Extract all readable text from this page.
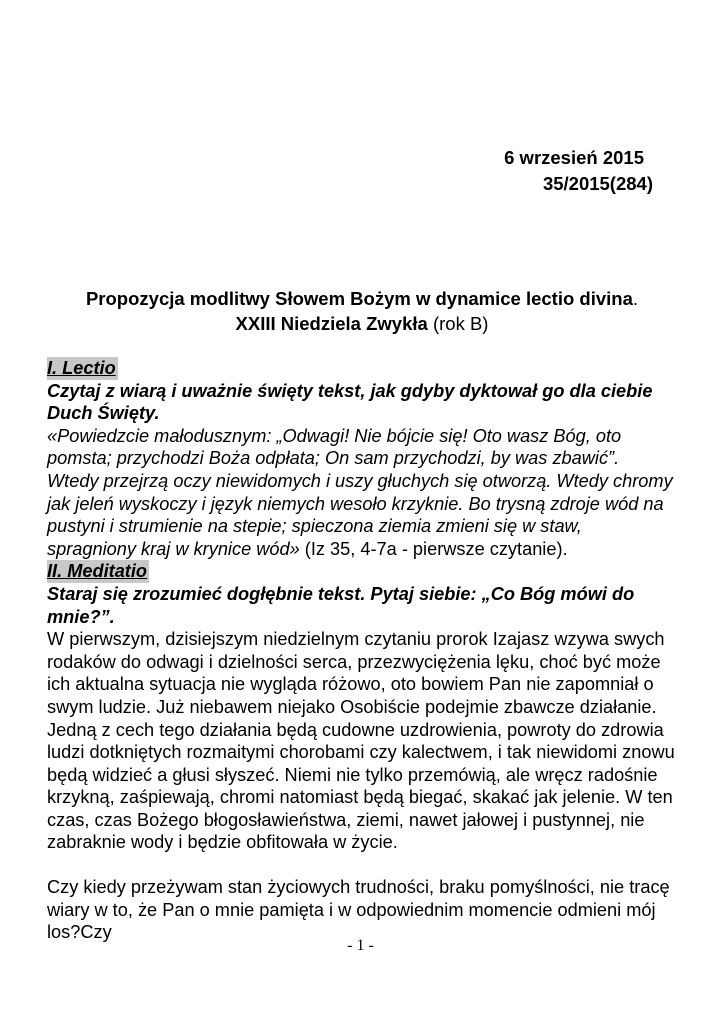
6 wrzesień 2015
35/2015(284)
Propozycja modlitwy Słowem Bożym w dynamice lectio divina.
XXIII Niedziela Zwykła (rok B)
I. Lectio

Czytaj z wiarą i uważnie święty tekst, jak gdyby dyktował go dla ciebie Duch Święty.

«Powiedzcie małodusznym: „Odwagi! Nie bójcie się! Oto wasz Bóg, oto pomsta; przychodzi Boża odpłata; On sam przychodzi, by was zbawić”. Wtedy przejrzą oczy niewidomych i uszy głuchych się otworzą. Wtedy chromy jak jeleń wyskoczy i język niemych wesoło krzyknie. Bo trysną zdroje wód na pustyni i strumienie na stepie; spieczona ziemia zmieni się w staw, spragniony kraj w krynice wód» (Iz 35, 4-7a - pierwsze czytanie).

II. Meditatio

Staraj się zrozumieć dogłębnie tekst. Pytaj siebie: „Co Bóg mówi do mnie?”.

W pierwszym, dzisiejszym niedzielnym czytaniu prorok Izajasz wzywa swych rodaków do odwagi i dzielności serca, przezwyciężenia lęku, choć być może ich aktualna sytuacja nie wygląda różowo, oto bowiem Pan nie zapomniał o swym ludzie. Już niebawem niejako Osobiście podejmie zbawcze działanie. Jedną z cech tego działania będą cudowne uzdrowienia, powroty do zdrowia ludzi dotkniętych rozmaitymi chorobami czy kalectwem, i tak niewidomi znowu będą widzieć a głusi słyszeć. Niemi nie tylko przemówią, ale wręcz radośnie krzykną, zaśpiewają, chromi natomiast będą biegać, skakać jak jelenie. W ten czas, czas Bożego błogosławieństwa, ziemi, nawet jałowej i pustynnej, nie zabraknie wody i będzie obfitowała w życie.

Czy kiedy przeżywam stan życiowych trudności, braku pomyślności, nie tracę wiary w to, że Pan o mnie pamięta i w odpowiednim momencie odmieni mój los?Czy

- 1 -
